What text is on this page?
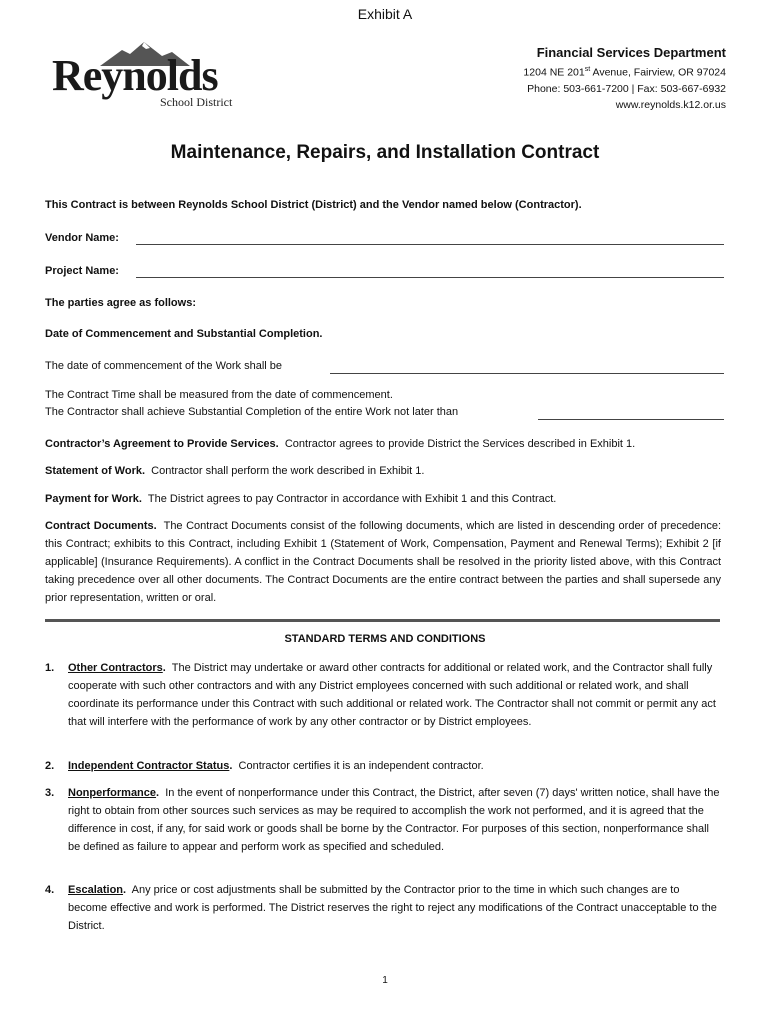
Exhibit A
Reynolds
School District
Financial Services Department
1204 NE 201st Avenue, Fairview, OR 97024
Phone: 503-661-7200 | Fax: 503-667-6932
www.reynolds.k12.or.us
Maintenance, Repairs, and Installation Contract
This Contract is between Reynolds School District (District) and the Vendor named below (Contractor).
Vendor Name:
Project Name:
The parties agree as follows:
Date of Commencement and Substantial Completion.
The date of commencement of the Work shall be
The Contract Time shall be measured from the date of commencement.
The Contractor shall achieve Substantial Completion of the entire Work not later than
Contractor’s Agreement to Provide Services. Contractor agrees to provide District the Services described in Exhibit 1.
Statement of Work. Contractor shall perform the work described in Exhibit 1.
Payment for Work. The District agrees to pay Contractor in accordance with Exhibit 1 and this Contract.
Contract Documents. The Contract Documents consist of the following documents, which are listed in descending order of precedence: this Contract; exhibits to this Contract, including Exhibit 1 (Statement of Work, Compensation, Payment and Renewal Terms); Exhibit 2 [if applicable] (Insurance Requirements). A conflict in the Contract Documents shall be resolved in the priority listed above, with this Contract taking precedence over all other documents. The Contract Documents are the entire contract between the parties and shall supersede any prior representation, written or oral.
STANDARD TERMS AND CONDITIONS
1. Other Contractors. The District may undertake or award other contracts for additional or related work, and the Contractor shall fully cooperate with such other contractors and with any District employees concerned with such additional or related work, and shall coordinate its performance under this Contract with such additional or related work. The Contractor shall not commit or permit any act that will interfere with the performance of work by any other contractor or by District employees.
2. Independent Contractor Status. Contractor certifies it is an independent contractor.
3. Nonperformance. In the event of nonperformance under this Contract, the District, after seven (7) days' written notice, shall have the right to obtain from other sources such services as may be required to accomplish the work not performed, and it is agreed that the difference in cost, if any, for said work or goods shall be borne by the Contractor. For purposes of this section, nonperformance shall be defined as failure to appear and perform work as specified and scheduled.
4. Escalation. Any price or cost adjustments shall be submitted by the Contractor prior to the time in which such changes are to become effective and work is performed. The District reserves the right to reject any modifications of the Contract unacceptable to the District.
1
